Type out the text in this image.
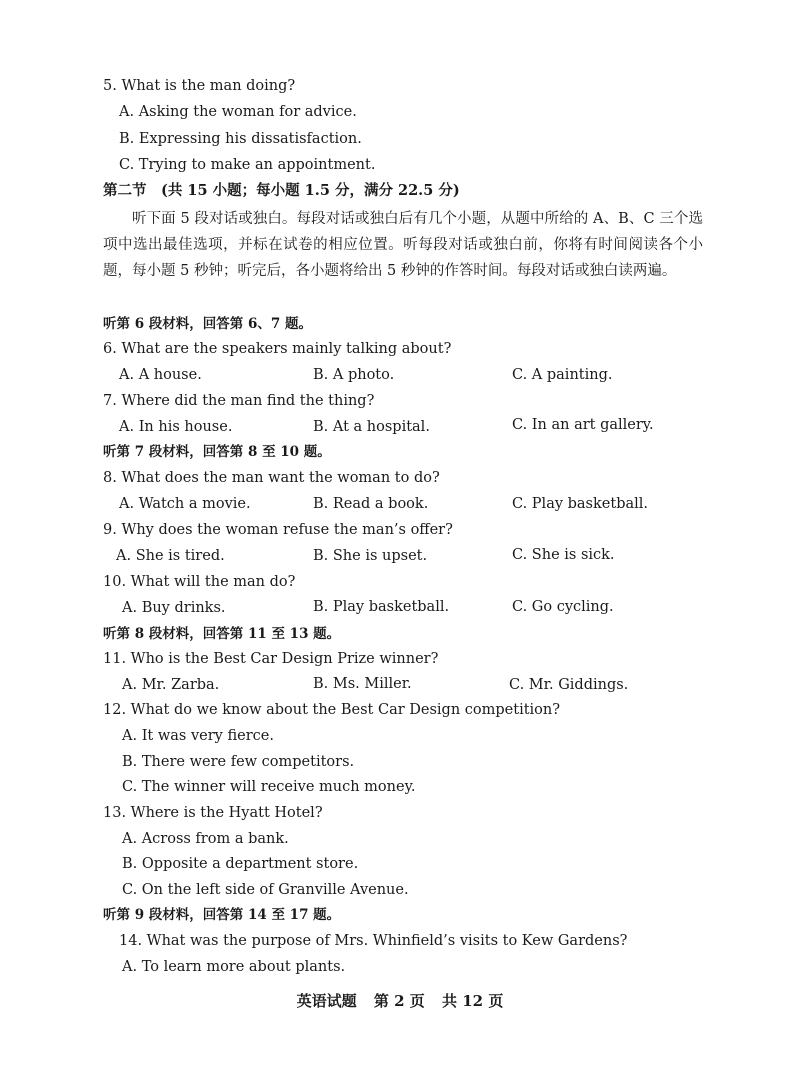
5. What is the man doing?
A. Asking the woman for advice.
B. Expressing his dissatisfaction.
C. Trying to make an appointment.
第二节　(共 15 小题；每小题 1.5 分，满分 22.5 分)
听下面 5 段对话或独白。每段对话或独白后有几个小题，从题中所给的 A、B、C 三个选项中选出最佳选项，并标在试卷的相应位置。听每段对话或独白前，你将有时间阅读各个小题，每小题 5 秒钟；听完后，各小题将给出 5 秒钟的作答时间。每段对话或独白读两遍。
听第 6 段材料，回答第 6、7 题。
6. What are the speakers mainly talking about?
A. A house.	B. A photo.	C. A painting.
7. Where did the man find the thing?
A. In his house.	B. At a hospital.	C. In an art gallery.
听第 7 段材料，回答第 8 至 10 题。
8. What does the man want the woman to do?
A. Watch a movie.	B. Read a book.	C. Play basketball.
9. Why does the woman refuse the man’s offer?
A. She is tired.	B. She is upset.	C. She is sick.
10. What will the man do?
A. Buy drinks.	B. Play basketball.	C. Go cycling.
听第 8 段材料，回答第 11 至 13 题。
11. Who is the Best Car Design Prize winner?
A. Mr. Zarba.	B. Ms. Miller.	C. Mr. Giddings.
12. What do we know about the Best Car Design competition?
A. It was very fierce.
B. There were few competitors.
C. The winner will receive much money.
13. Where is the Hyatt Hotel?
A. Across from a bank.
B. Opposite a department store.
C. On the left side of Granville Avenue.
听第 9 段材料，回答第 14 至 17 题。
14. What was the purpose of Mrs. Whinfield’s visits to Kew Gardens?
A. To learn more about plants.
英语试题 第 2 页 共 12 页
